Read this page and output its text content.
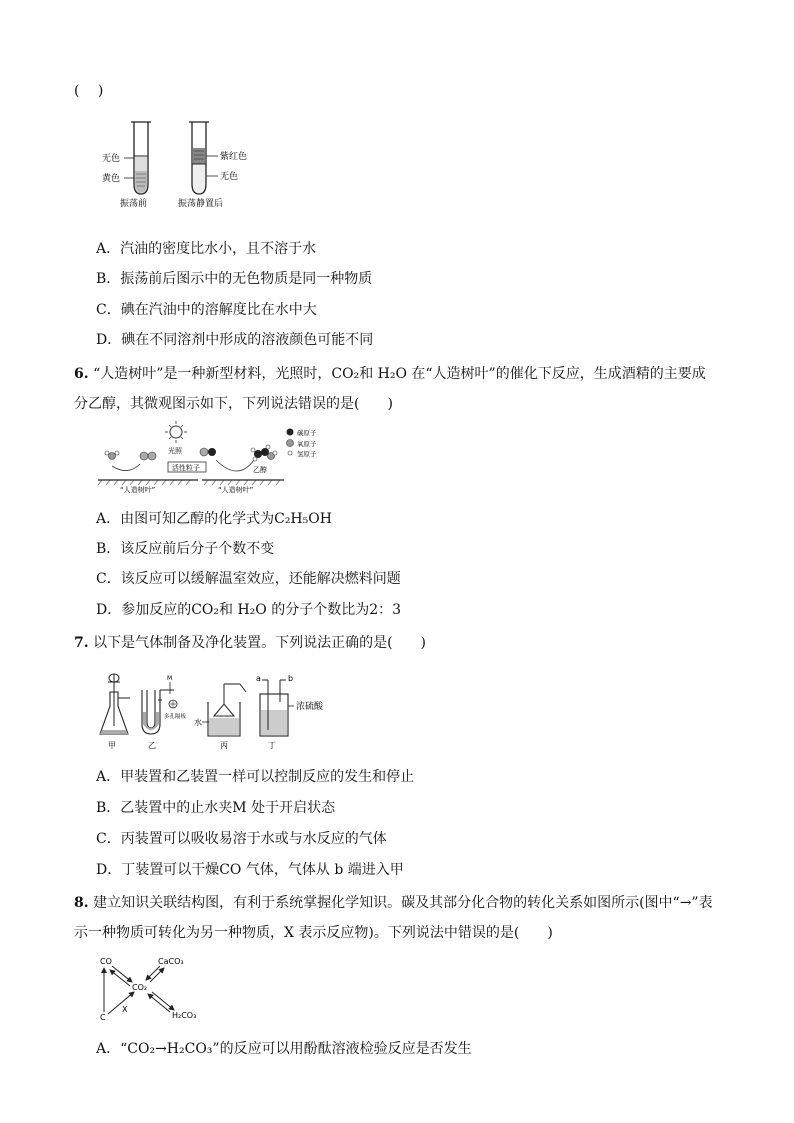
(　 )
无色
黄色
振荡前
紫红色
无色
振荡静置后
A．汽油的密度比水小，且不溶于水
B．振荡前后图示中的无色物质是同一种物质
C．碘在汽油中的溶解度比在水中大
D．碘在不同溶剂中形成的溶液颜色可能不同
6. “人造树叶”是一种新型材料，光照时，CO₂和 H₂O 在“人造树叶”的催化下反应，生成酒精的主要成
分乙醇，其微观图示如下，下列说法错误的是(　　)
光照
活性粒子	乙醇
“人造树叶”	“人造树叶”
碳原子
氧原子
氢原子
A．由图可知乙醇的化学式为C₂H₅OH
B．该反应前后分子个数不变
C．该反应可以缓解温室效应，还能解决燃料问题
D．参加反应的CO₂和 H₂O 的分子个数比为2：3
7. 以下是气体制备及净化装置。下列说法正确的是(　　)
甲
M
多孔隔板
乙
水
丙
a	b
浓硫酸
丁
A．甲装置和乙装置一样可以控制反应的发生和停止
B．乙装置中的止水夹M 处于开启状态
C．丙装置可以吸收易溶于水或与水反应的气体
D．丁装置可以干燥CO 气体，气体从 b 端进入甲
8. 建立知识关联结构图，有利于系统掌握化学知识。碳及其部分化合物的转化关系如图所示(图中“→”表
示一种物质可转化为另一种物质，X 表示反应物)。下列说法中错误的是(　　)
CO	CaCO₃
CO₂
C
X
H₂CO₃
A．“CO₂→H₂CO₃”的反应可以用酚酞溶液检验反应是否发生
